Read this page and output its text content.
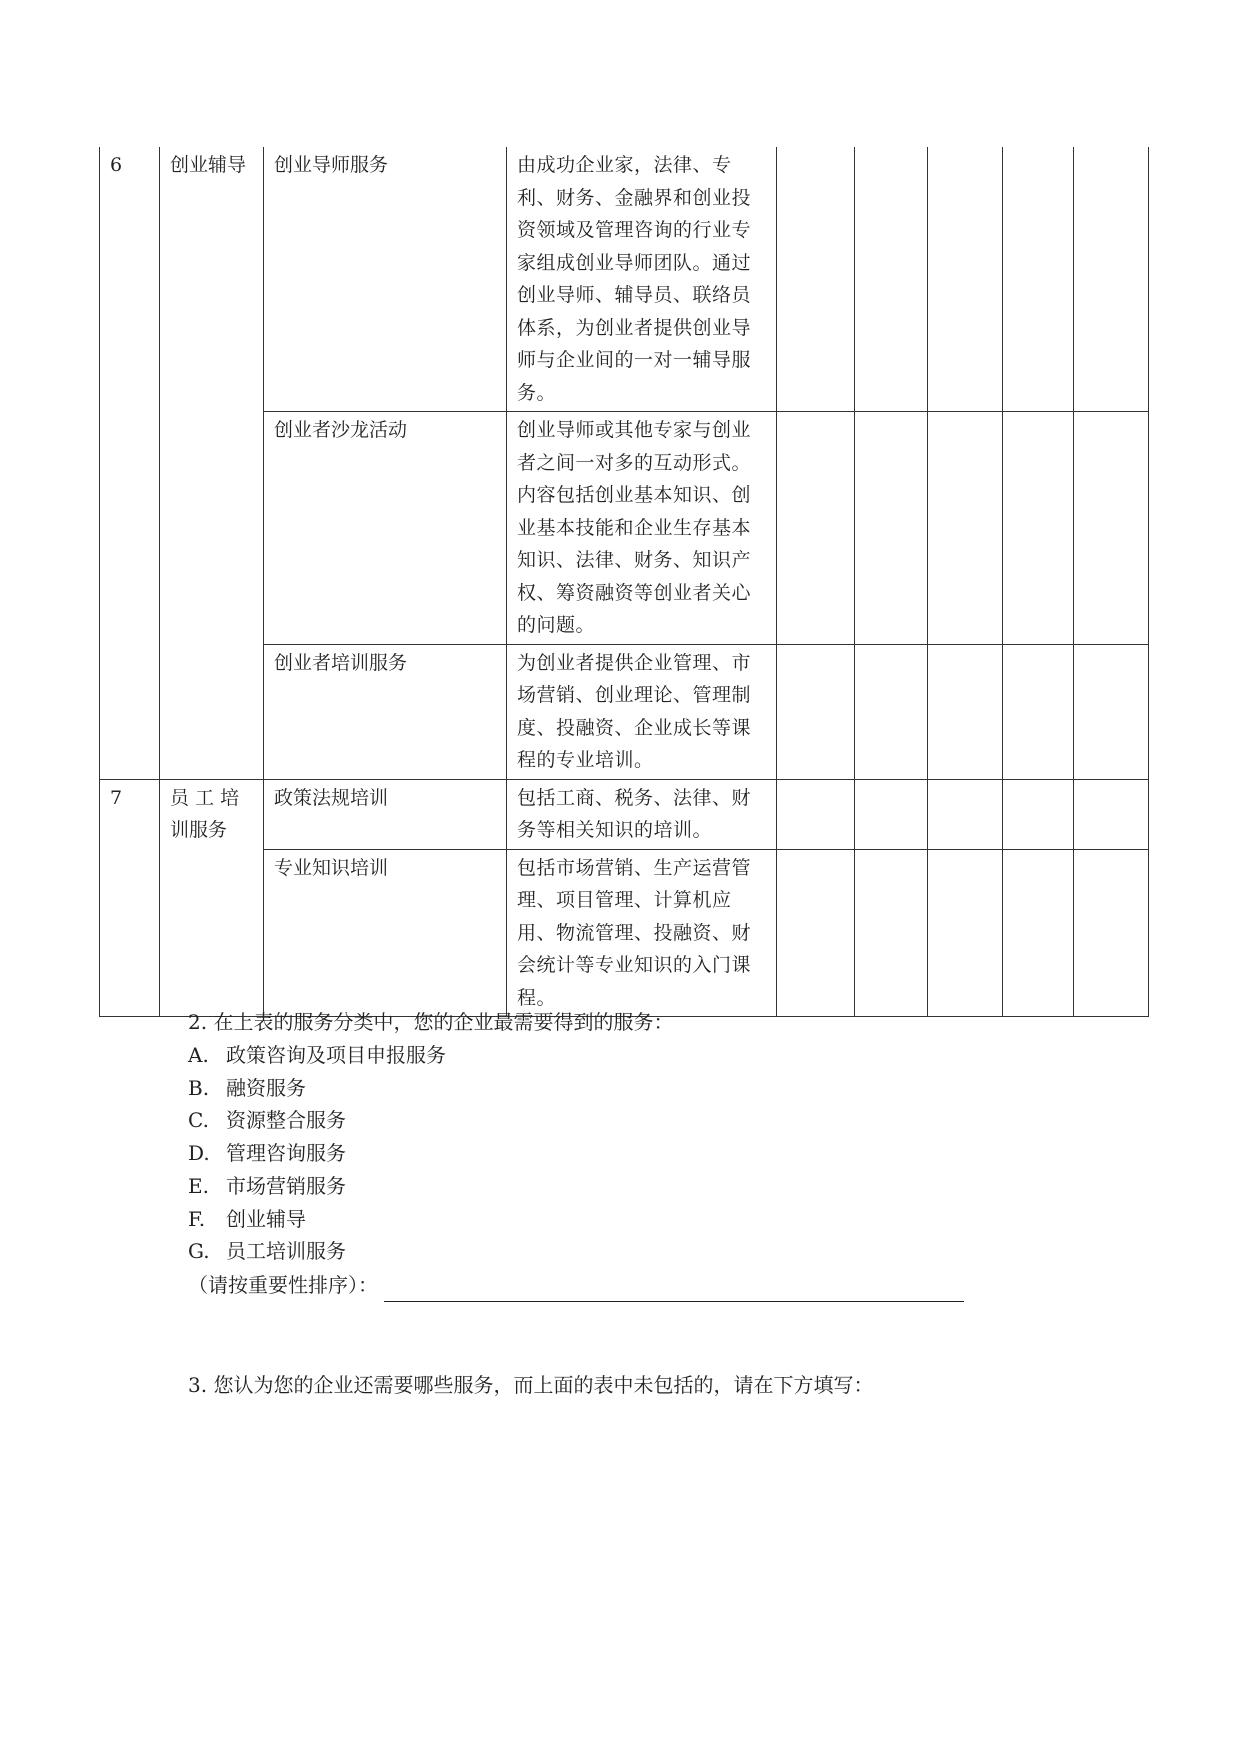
6	创业辅导	创业导师服务	由成功企业家，法律、专利、财务、金融界和创业投资领域及管理咨询的行业专家组成创业导师团队。通过创业导师、辅导员、联络员体系，为创业者提供创业导师与企业间的一对一辅导服务。					
		创业者沙龙活动	创业导师或其他专家与创业者之间一对多的互动形式。内容包括创业基本知识、创业基本技能和企业生存基本知识、法律、财务、知识产权、筹资融资等创业者关心的问题。					
		创业者培训服务	为创业者提供企业管理、市场营销、创业理论、管理制度、投融资、企业成长等课程的专业培训。					
7	员 工 培训服务	政策法规培训	包括工商、税务、法律、财务等相关知识的培训。					
		专业知识培训	包括市场营销、生产运营管理、项目管理、计算机应用、物流管理、投融资、财会统计等专业知识的入门课程。					

2. 在上表的服务分类中，您的企业最需要得到的服务：

A. 政策咨询及项目申报服务
B. 融资服务
C. 资源整合服务
D. 管理咨询服务
E. 市场营销服务
F. 创业辅导
G. 员工培训服务
（请按重要性排序）：

3. 您认为您的企业还需要哪些服务，而上面的表中未包括的，请在下方填写：
